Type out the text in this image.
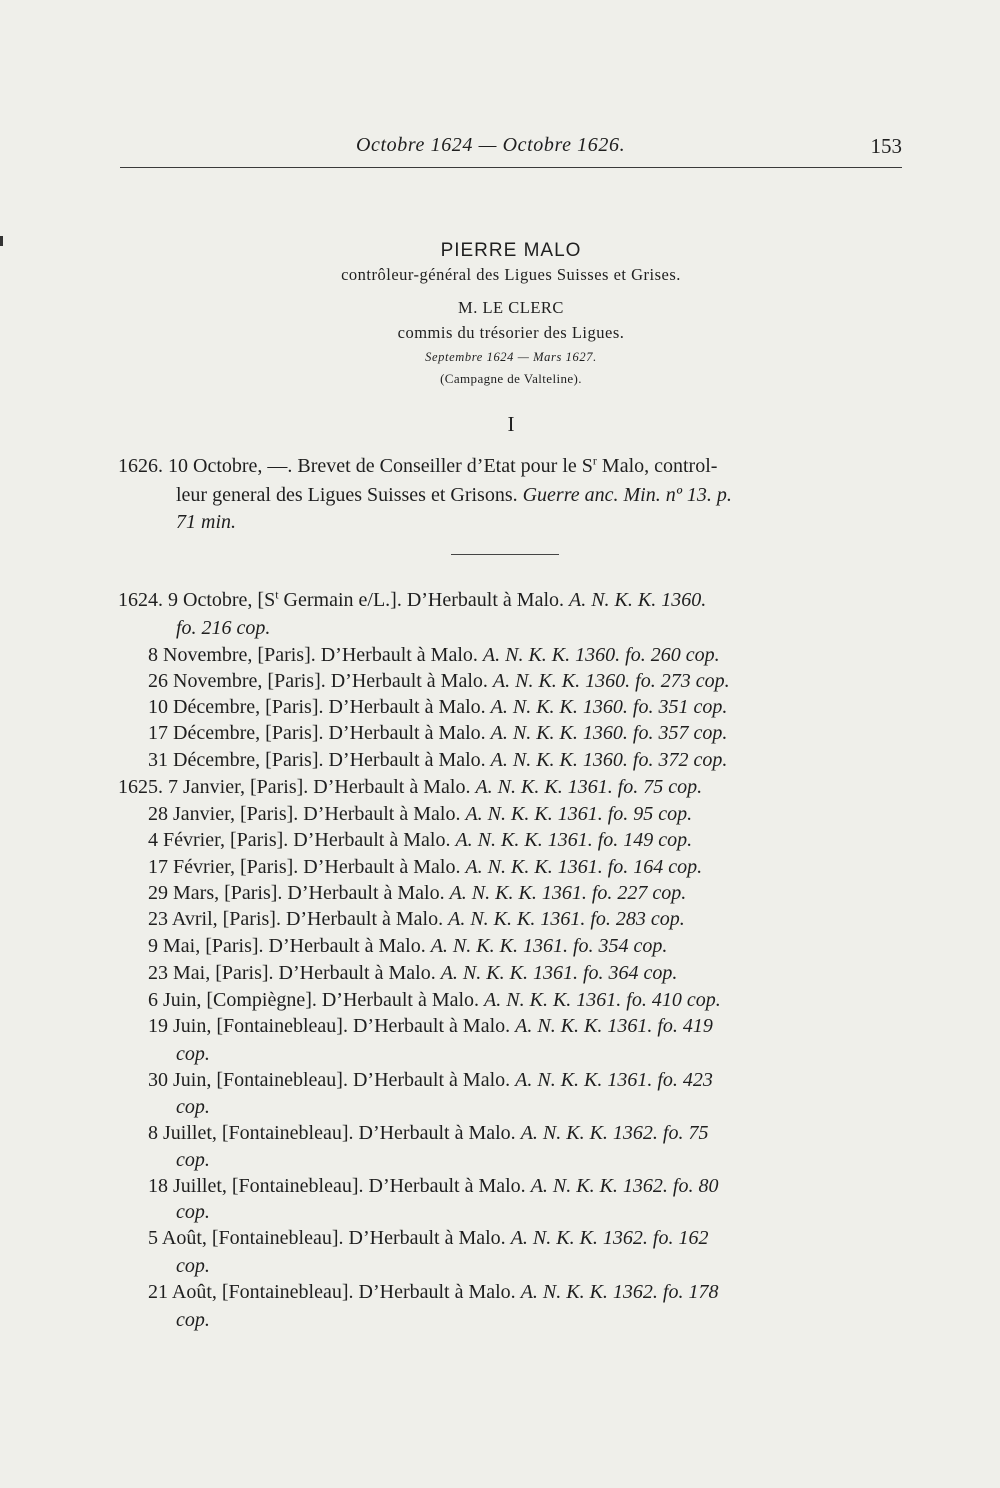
Octobre 1624 — Octobre 1626.	153
PIERRE MALO
contrôleur-général des Ligues Suisses et Grises.
M. LE CLERC
commis du trésorier des Ligues.
Septembre 1624 — Mars 1627.
(Campagne de Valteline).
I
1626. 10 Octobre, —. Brevet de Conseiller d’Etat pour le $S^r$ Malo, control-
leur general des Ligues Suisses et Grisons. Guerre anc. Min. nº 13. p.
71 min.
1624. 9 Octobre, [$S^t$ Germain e/L.]. D’Herbault à Malo. A. N. K. K. 1360.
fo. 216 cop.
8 Novembre, [Paris]. D’Herbault à Malo. A. N. K. K. 1360. fo. 260 cop.
26 Novembre, [Paris]. D’Herbault à Malo. A. N. K. K. 1360. fo. 273 cop.
10 Décembre, [Paris]. D’Herbault à Malo. A. N. K. K. 1360. fo. 351 cop.
17 Décembre, [Paris]. D’Herbault à Malo. A. N. K. K. 1360. fo. 357 cop.
31 Décembre, [Paris]. D’Herbault à Malo. A. N. K. K. 1360. fo. 372 cop.
1625. 7 Janvier, [Paris]. D’Herbault à Malo. A. N. K. K. 1361. fo. 75 cop.
28 Janvier, [Paris]. D’Herbault à Malo. A. N. K. K. 1361. fo. 95 cop.
4 Février, [Paris]. D’Herbault à Malo. A. N. K. K. 1361. fo. 149 cop.
17 Février, [Paris]. D’Herbault à Malo. A. N. K. K. 1361. fo. 164 cop.
29 Mars, [Paris]. D’Herbault à Malo. A. N. K. K. 1361. fo. 227 cop.
23 Avril, [Paris]. D’Herbault à Malo. A. N. K. K. 1361. fo. 283 cop.
9 Mai, [Paris]. D’Herbault à Malo. A. N. K. K. 1361. fo. 354 cop.
23 Mai, [Paris]. D’Herbault à Malo. A. N. K. K. 1361. fo. 364 cop.
6 Juin, [Compiègne]. D’Herbault à Malo. A. N. K. K. 1361. fo. 410 cop.
19 Juin, [Fontainebleau]. D’Herbault à Malo. A. N. K. K. 1361. fo. 419
cop.
30 Juin, [Fontainebleau]. D’Herbault à Malo. A. N. K. K. 1361. fo. 423
cop.
8 Juillet, [Fontainebleau]. D’Herbault à Malo. A. N. K. K. 1362. fo. 75
cop.
18 Juillet, [Fontainebleau]. D’Herbault à Malo. A. N. K. K. 1362. fo. 80
cop.
5 Août, [Fontainebleau]. D’Herbault à Malo. A. N. K. K. 1362. fo. 162
cop.
21 Août, [Fontainebleau]. D’Herbault à Malo. A. N. K. K. 1362. fo. 178
cop.
